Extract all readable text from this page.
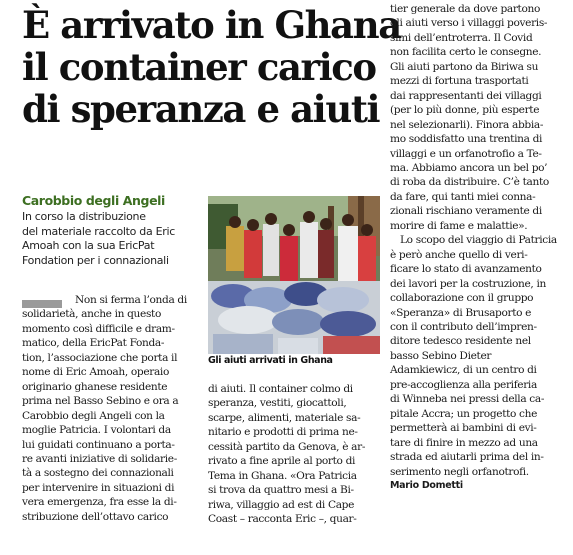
È arrivato in Ghana
il container carico
di speranza e aiuti
Carobbio degli Angeli
In corso la distribuzione
del materiale raccolto da Eric
Amoah con la sua EricPat
Fondation per i connazionali
Non si ferma l’onda di
solidarietà, anche in questo
momento così difficile e dram-
matico, della EricPat Fonda-
tion, l’associazione che porta il
nome di Eric Amoah, operaio
originario ghanese residente
prima nel Basso Sebino e ora a
Carobbio degli Angeli con la
moglie Patricia. I volontari da
lui guidati continuano a porta-
re avanti iniziative di solidarie-
tà a sostegno dei connazionali
per intervenire in situazioni di
vera emergenza, fra esse la di-
stribuzione dell’ottavo carico
Gli aiuti arrivati in Ghana
di aiuti. Il container colmo di
speranza, vestiti, giocattoli,
scarpe, alimenti, materiale sa-
nitario e prodotti di prima ne-
cessità partito da Genova, è ar-
rivato a fine aprile al porto di
Tema in Ghana. «Ora Patricia
si trova da quattro mesi a Bi-
riwa, villaggio ad est di Cape
Coast – racconta Eric –, quar-
tier generale da dove partono
gli aiuti verso i villaggi poveris-
simi dell’entroterra. Il Covid
non facilita certo le consegne.
Gli aiuti partono da Biriwa su
mezzi di fortuna trasportati
dai rappresentanti dei villaggi
(per lo più donne, più esperte
nel selezionarli). Finora abbia-
mo soddisfatto una trentina di
villaggi e un orfanotrofio a Te-
ma. Abbiamo ancora un bel po’
di roba da distribuire. C’è tanto
da fare, qui tanti miei conna-
zionali rischiano veramente di
morire di fame e malattie».
Lo scopo del viaggio di Patricia
è però anche quello di veri-
ficare lo stato di avanzamento
dei lavori per la costruzione, in
collaborazione con il gruppo
«Speranza» di Brusaporto e
con il contributo dell’impren-
ditore tedesco residente nel
basso Sebino Dieter
Adamkiewicz, di un centro di
pre-accoglienza alla periferia
di Winneba nei pressi della ca-
pitale Accra; un progetto che
permetterà ai bambini di evi-
tare di finire in mezzo ad una
strada ed aiutarli prima del in-
serimento negli orfanotrofi.
Mario Dometti
